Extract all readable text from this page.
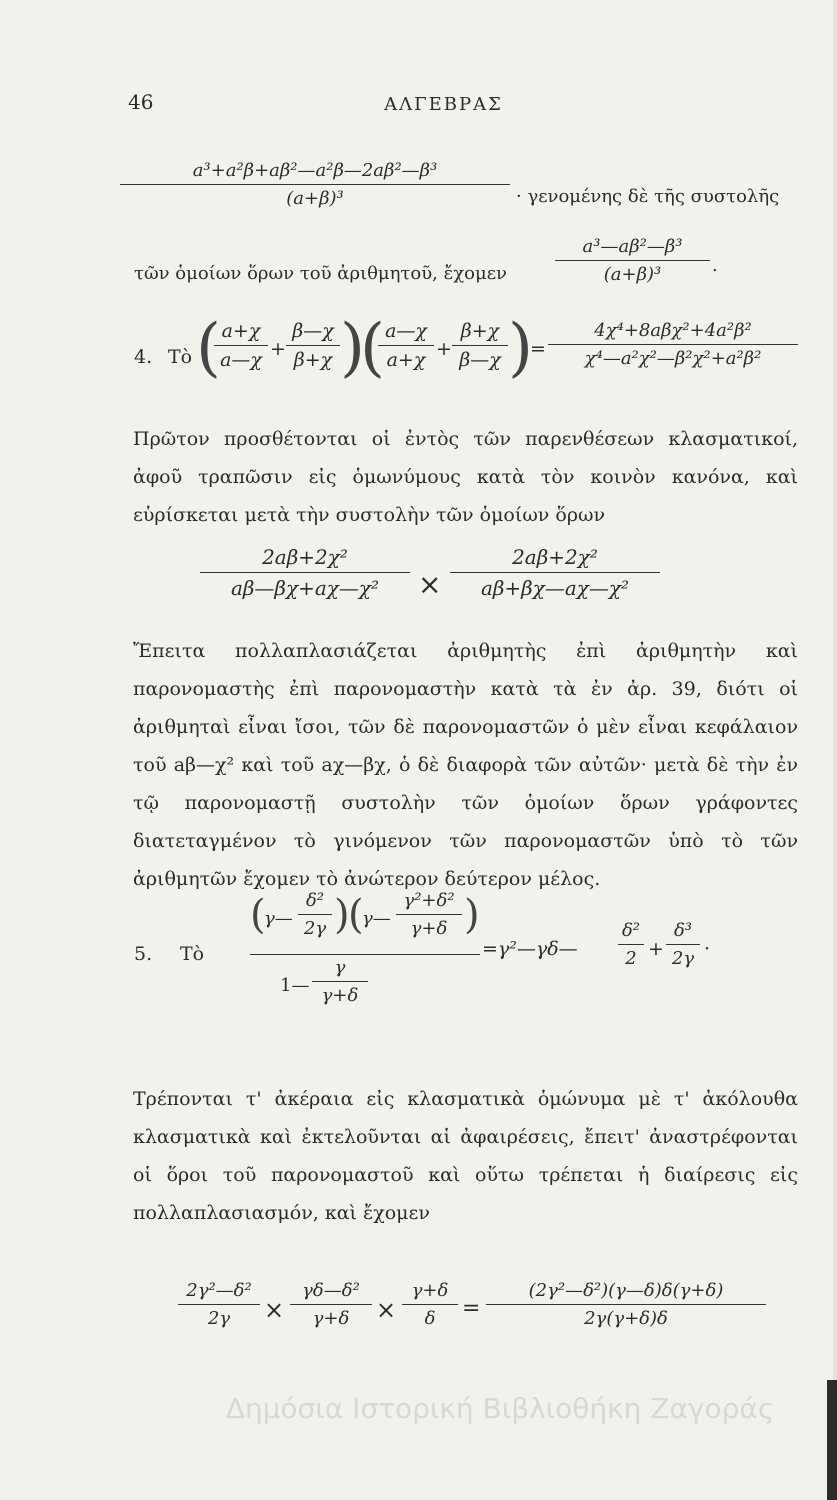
46	ΑΛΓΕΒΡΑΣ
a³+a²β+aβ²—a²β—2aβ²—β³
(a+β)³	· γενομένης δὲ τῆς συστολῆς
τῶν ὁμοίων ὅρων τοῦ ἀριθμητοῦ, ἔχομεν
a³—aβ²—β³
(a+β)³	.
4. Τὸ ( a+χ
a—χ +
β—χ
β+χ )
( a—χ
a+χ +
β+χ
β—χ )
=
4χ⁴+8aβχ²+4a²β²
χ⁴—a²χ²—β²χ²+a²β²
Πρῶτον προσθέτονται οἱ ἐντὸς τῶν παρενθέσεων κλασματικοί, ἀφοῦ τραπῶσιν εἰς ὁμωνύμους κατὰ τὸν κοινὸν κανόνα, καὶ εὑρίσκεται μετὰ τὴν συστολὴν τῶν ὁμοίων ὅρων
2aβ+2χ²
aβ—βχ+aχ—χ²	×
2aβ+2χ²
aβ+βχ—aχ—χ²
Ἔπειτα πολλαπλασιάζεται ἀριθμητὴς ἐπὶ ἀριθμητὴν καὶ παρονομαστὴς ἐπὶ παρονομαστὴν κατὰ τὰ ἐν ἀρ. 39, διότι οἱ ἀριθμηταὶ εἶναι ἴσοι, τῶν δὲ παρονομαστῶν ὁ μὲν εἶναι κεφάλαιον τοῦ aβ—χ² καὶ τοῦ aχ—βχ, ὁ δὲ διαφορὰ τῶν αὐτῶν· μετὰ δὲ τὴν ἐν τῷ παρονομαστῇ συστολὴν τῶν ὁμοίων ὅρων γράφοντες διατεταγμένον τὸ γινόμενον τῶν παρονομαστῶν ὑπὸ τὸ τῶν ἀριθμητῶν ἔχομεν τὸ ἀνώτερον δεύτερον μέλος.
5. Τὸ
(
γ—
δ²
2γ )
(
γ—
γ²+δ²
γ+δ )
1—
γ
γ+δ
=γ²—γδ—
δ²
2 +
δ³
2γ ·
Τρέπονται τ' ἀκέραια εἰς κλασματικὰ ὁμώνυμα μὲ τ' ἀκόλουθα κλασματικὰ καὶ ἐκτελοῦνται αἱ ἀφαιρέσεις, ἔπειτ' ἀναστρέφονται οἱ ὅροι τοῦ παρονομαστοῦ καὶ οὕτω τρέπεται ἡ διαίρεσις εἰς πολλαπλασιασμόν, καὶ ἔχομεν
2γ²—δ²
2γ	×
γδ—δ²
γ+δ	×
γ+δ
δ	=
(2γ²—δ²)(γ—δ)δ(γ+δ)
2γ(γ+δ)δ
Δημόσια Ιστορική Βιβλιοθήκη Ζαγοράς
